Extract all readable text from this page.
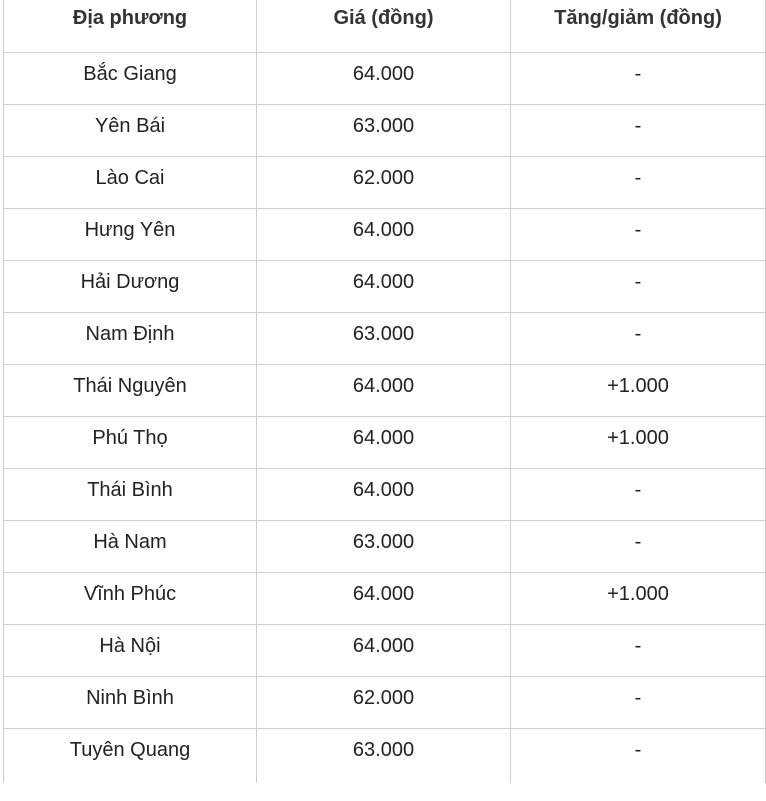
Địa phương	Giá (đồng)	Tăng/giảm (đồng)
Bắc Giang	64.000	-
Yên Bái	63.000	-
Lào Cai	62.000	-
Hưng Yên	64.000	-
Hải Dương	64.000	-
Nam Định	63.000	-
Thái Nguyên	64.000	+1.000
Phú Thọ	64.000	+1.000
Thái Bình	64.000	-
Hà Nam	63.000	-
Vĩnh Phúc	64.000	+1.000
Hà Nội	64.000	-
Ninh Bình	62.000	-
Tuyên Quang	63.000	-
